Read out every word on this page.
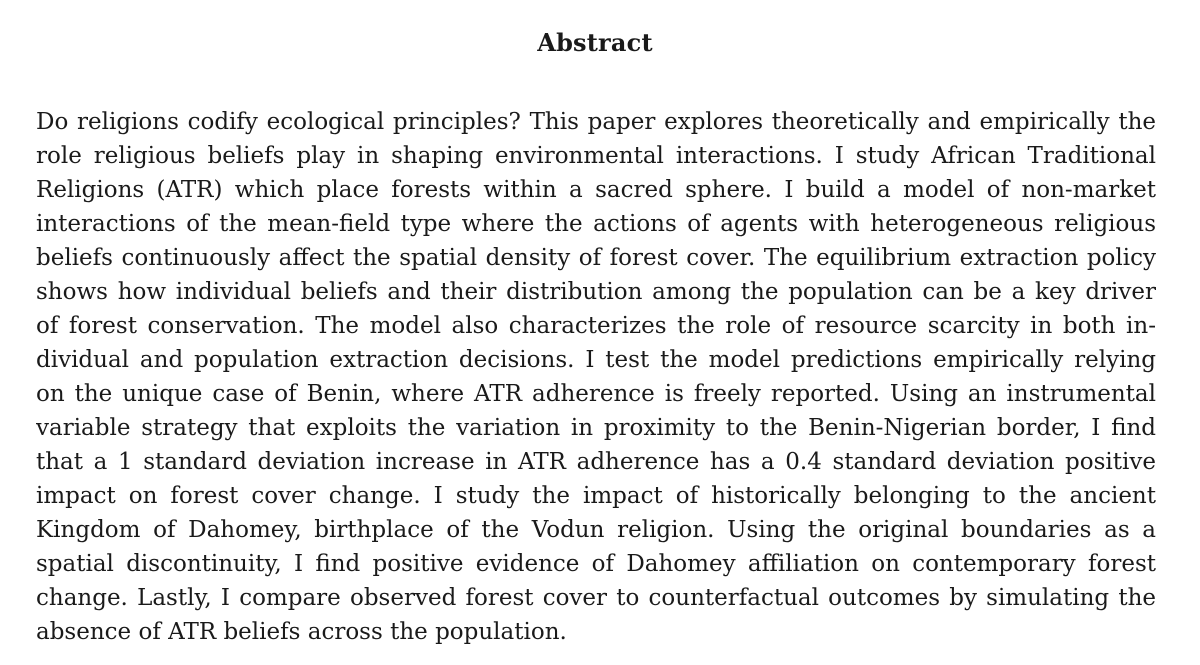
Abstract
Do religions codify ecological principles? This paper explores theoretically and empirically the
role religious beliefs play in shaping environmental interactions. I study African Traditional
Religions (ATR) which place forests within a sacred sphere. I build a model of non-market
interactions of the mean-field type where the actions of agents with heterogeneous religious
beliefs continuously affect the spatial density of forest cover. The equilibrium extraction policy
shows how individual beliefs and their distribution among the population can be a key driver
of forest conservation. The model also characterizes the role of resource scarcity in both in-
dividual and population extraction decisions. I test the model predictions empirically relying
on the unique case of Benin, where ATR adherence is freely reported. Using an instrumental
variable strategy that exploits the variation in proximity to the Benin-Nigerian border, I find
that a 1 standard deviation increase in ATR adherence has a 0.4 standard deviation positive
impact on forest cover change. I study the impact of historically belonging to the ancient
Kingdom of Dahomey, birthplace of the Vodun religion. Using the original boundaries as a
spatial discontinuity, I find positive evidence of Dahomey affiliation on contemporary forest
change. Lastly, I compare observed forest cover to counterfactual outcomes by simulating the
absence of ATR beliefs across the population.
